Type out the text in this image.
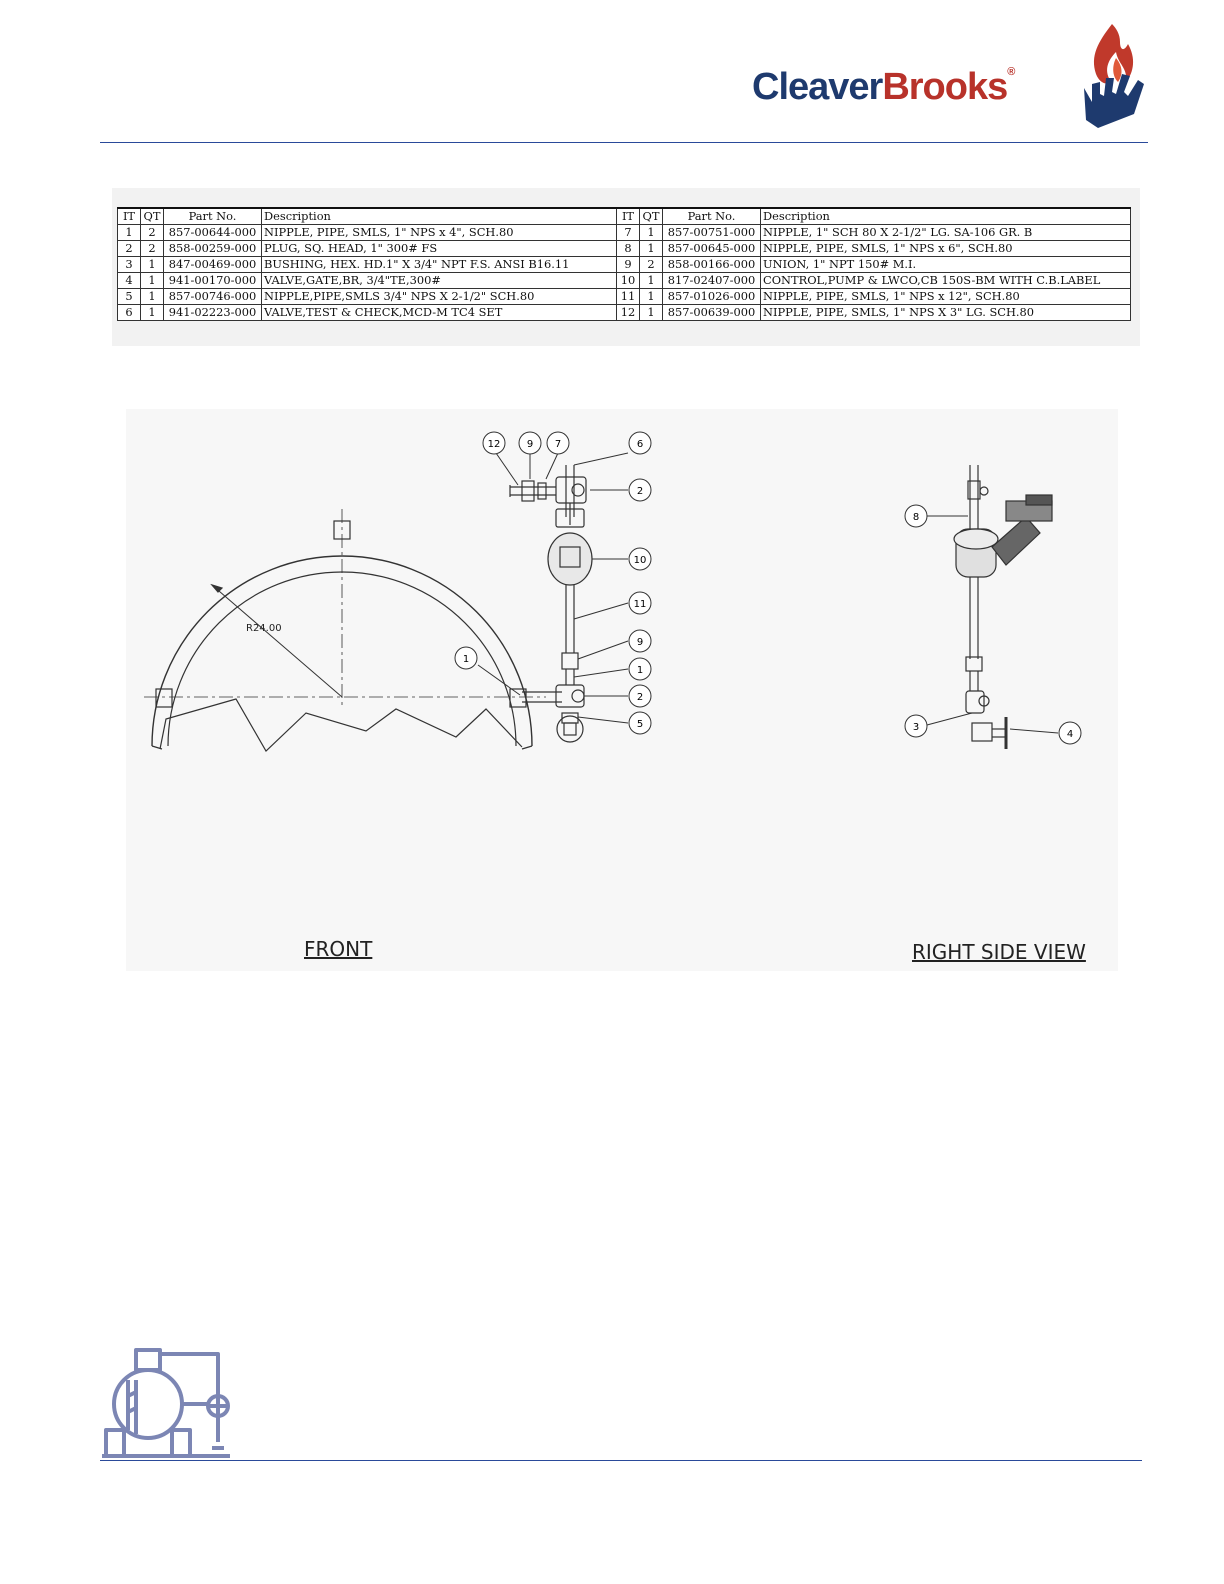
CleaverBrooks®
IT	QT	Part No.	Description	IT	QT	Part No.	Description
1	2	857-00644-000	NIPPLE, PIPE, SMLS, 1" NPS x 4", SCH.80	7	1	857-00751-000	NIPPLE, 1" SCH 80 X 2-1/2" LG. SA-106 GR. B
2	2	858-00259-000	PLUG, SQ. HEAD, 1" 300# FS	8	1	857-00645-000	NIPPLE, PIPE, SMLS, 1" NPS x 6", SCH.80
3	1	847-00469-000	BUSHING, HEX. HD.1" X 3/4" NPT F.S. ANSI B16.11	9	2	858-00166-000	UNION, 1" NPT 150# M.I.
4	1	941-00170-000	VALVE,GATE,BR, 3/4"TE,300#	10	1	817-02407-000	CONTROL,PUMP & LWCO,CB 150S-BM WITH C.B.LABEL
5	1	857-00746-000	NIPPLE,PIPE,SMLS 3/4" NPS X 2-1/2" SCH.80	11	1	857-01026-000	NIPPLE, PIPE, SMLS, 1" NPS x 12", SCH.80
6	1	941-02223-000	VALVE,TEST & CHECK,MCD-M TC4 SET	12	1	857-00639-000	NIPPLE, PIPE, SMLS, 1" NPS X 3" LG. SCH.80
12	9 7	6
2
10
11
9
1
1
2
5
8
3
4
R24.00
FRONT	RIGHT SIDE VIEW
